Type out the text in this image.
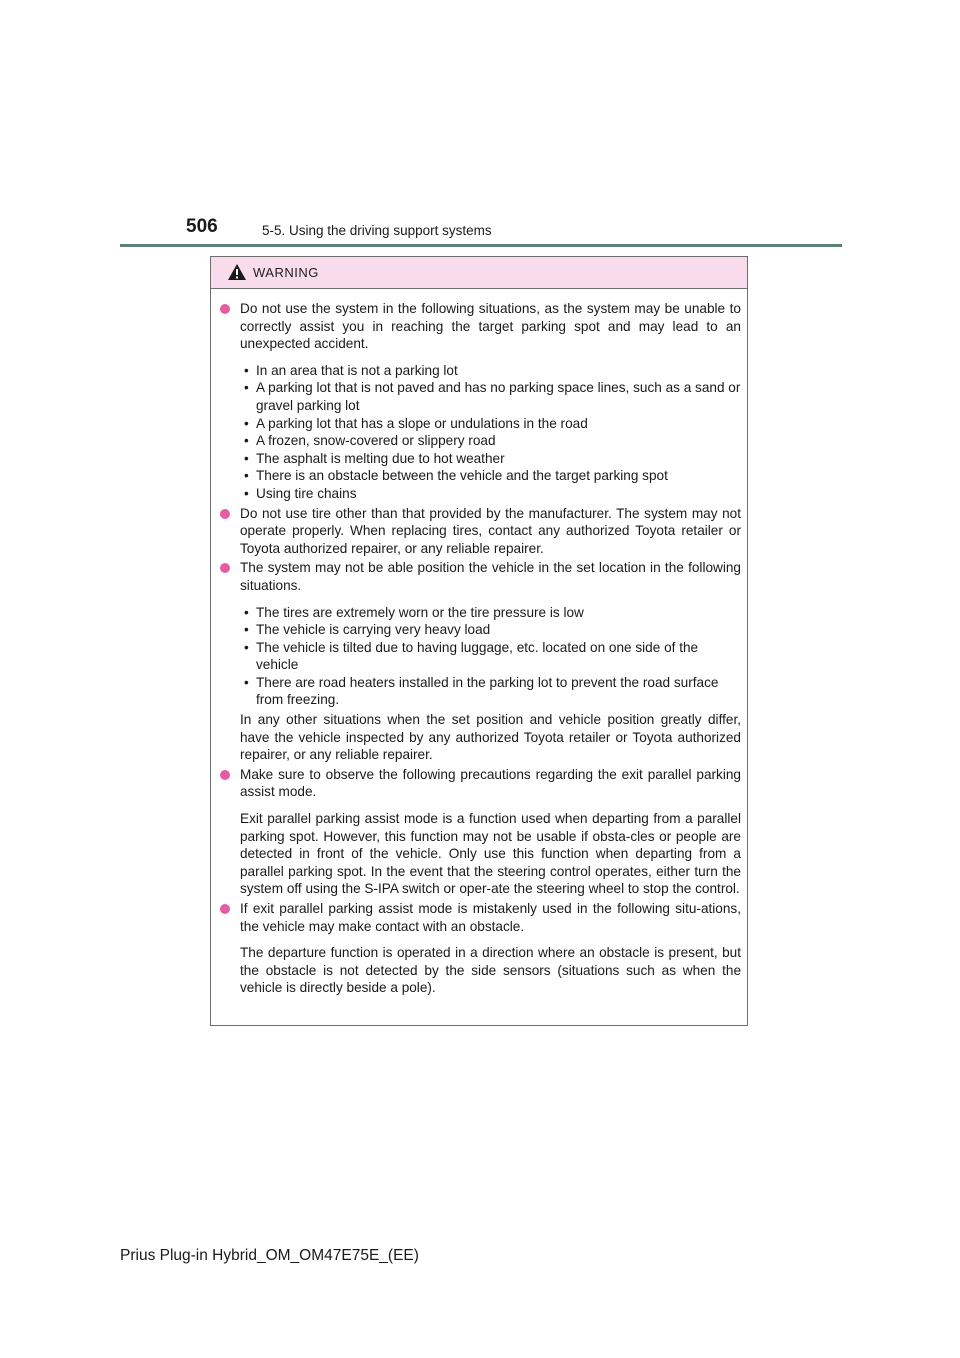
506	5-5. Using the driving support systems
WARNING

Do not use the system in the following situations, as the system may be unable to correctly assist you in reaching the target parking spot and may lead to an unexpected accident.

• In an area that is not a parking lot
• A parking lot that is not paved and has no parking space lines, such as a sand or gravel parking lot
• A parking lot that has a slope or undulations in the road
• A frozen, snow-covered or slippery road
• The asphalt is melting due to hot weather
• There is an obstacle between the vehicle and the target parking spot
• Using tire chains

Do not use tire other than that provided by the manufacturer. The system may not operate properly. When replacing tires, contact any authorized Toyota retailer or Toyota authorized repairer, or any reliable repairer.

The system may not be able position the vehicle in the set location in the following situations.

• The tires are extremely worn or the tire pressure is low
• The vehicle is carrying very heavy load
• The vehicle is tilted due to having luggage, etc. located on one side of the vehicle
• There are road heaters installed in the parking lot to prevent the road surface from freezing.

In any other situations when the set position and vehicle position greatly differ, have the vehicle inspected by any authorized Toyota retailer or Toyota authorized repairer, or any reliable repairer.

Make sure to observe the following precautions regarding the exit parallel parking assist mode.

Exit parallel parking assist mode is a function used when departing from a parallel parking spot. However, this function may not be usable if obsta-cles or people are detected in front of the vehicle. Only use this function when departing from a parallel parking spot. In the event that the steering control operates, either turn the system off using the S-IPA switch or oper-ate the steering wheel to stop the control.

If exit parallel parking assist mode is mistakenly used in the following situ-ations, the vehicle may make contact with an obstacle.

The departure function is operated in a direction where an obstacle is present, but the obstacle is not detected by the side sensors (situations such as when the vehicle is directly beside a pole).

Prius Plug-in Hybrid_OM_OM47E75E_(EE)
